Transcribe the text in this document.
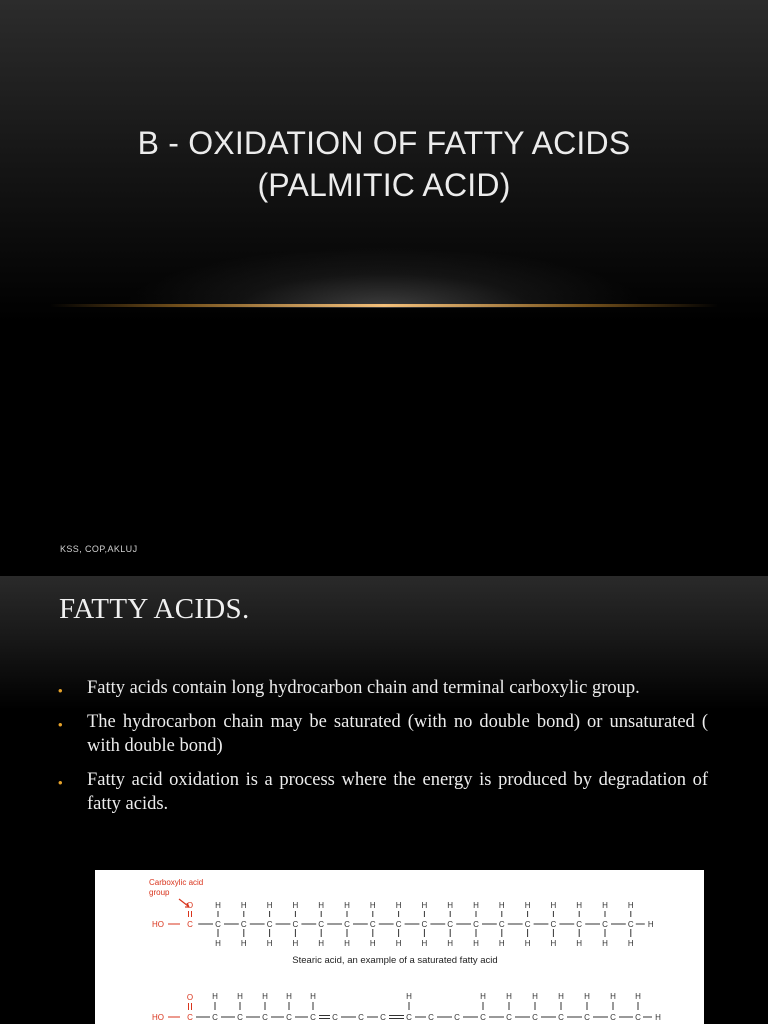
B - OXIDATION OF FATTY ACIDS
(PALMITIC ACID)
KSS, COP,AKLUJ
FATTY ACIDS.
• Fatty acids contain long hydrocarbon chain and terminal carboxylic group.
• The hydrocarbon chain may be saturated (with no double bond) or unsaturated ( with double bond)
• Fatty acid oxidation is a process where the energy is produced by degradation of fatty acids.
Carboxylic acid
group
O
HO	C	C
H
H
C
H
H
C
H
H
C
H
H
C
H
H
C
H
H
C
H
H
C
H
H
C
H
H
C
H
H
C
H
H
C
H
H
C
H
H
C
H
H
C
H
H
C
H
H
C
H
H
H
Stearic acid, an example of a saturated fatty acid
O
HO	C C
H
C
H
C
H
C
H
C
H
C	C C	C
H
C	C	C
H
C
H
C
H
C
H
C
H
C
H
C
H
H
